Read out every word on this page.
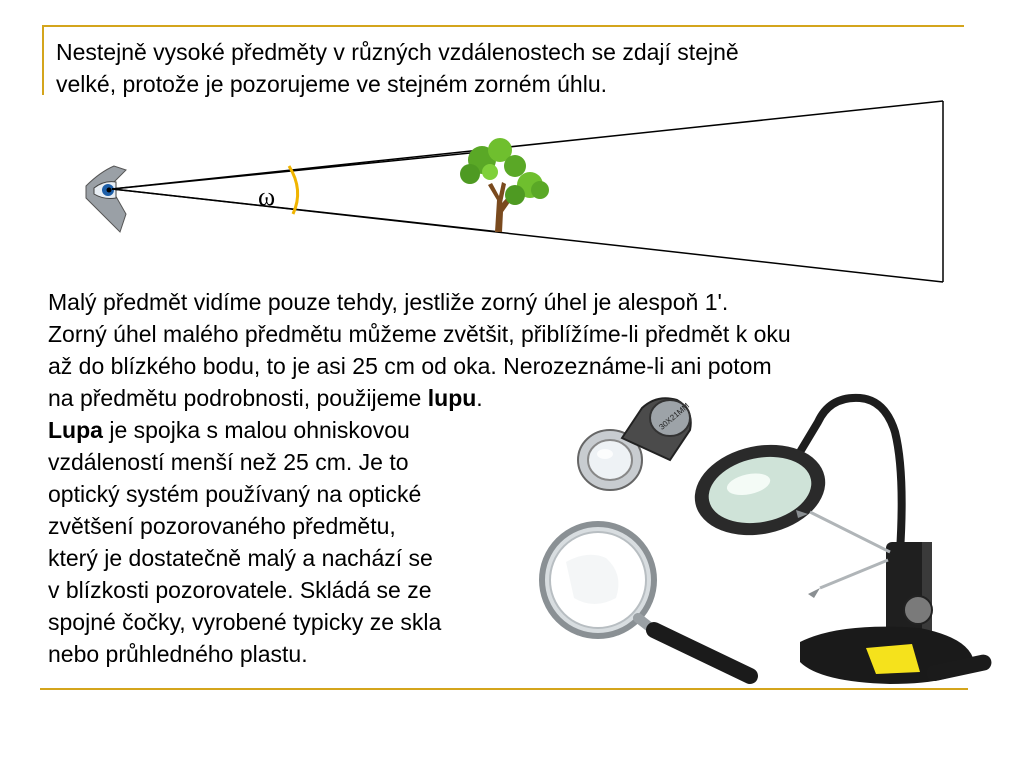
Nestejně vysoké předměty v různých vzdálenostech se zdají stejně
velké, protože je pozorujeme ve stejném zorném úhlu.
ω

Malý předmět vidíme pouze tehdy, jestliže zorný úhel je alespoň 1'.

Zorný úhel malého předmětu můžeme zvětšit, přiblížíme-li předmět k oku

až do blízkého bodu, to je asi 25 cm od oka. Nerozeznáme-li ani potom

na předmětu podrobnosti, použijeme lupu.

Lupa je spojka s malou ohniskovou
vzdáleností menší než 25 cm. Je to
optický systém používaný na optické
zvětšení pozorovaného předmětu,
který je dostatečně malý a nachází se
v blízkosti pozorovatele. Skládá se ze
spojné čočky, vyrobené typicky ze skla
nebo průhledného plastu.
30X21MM
